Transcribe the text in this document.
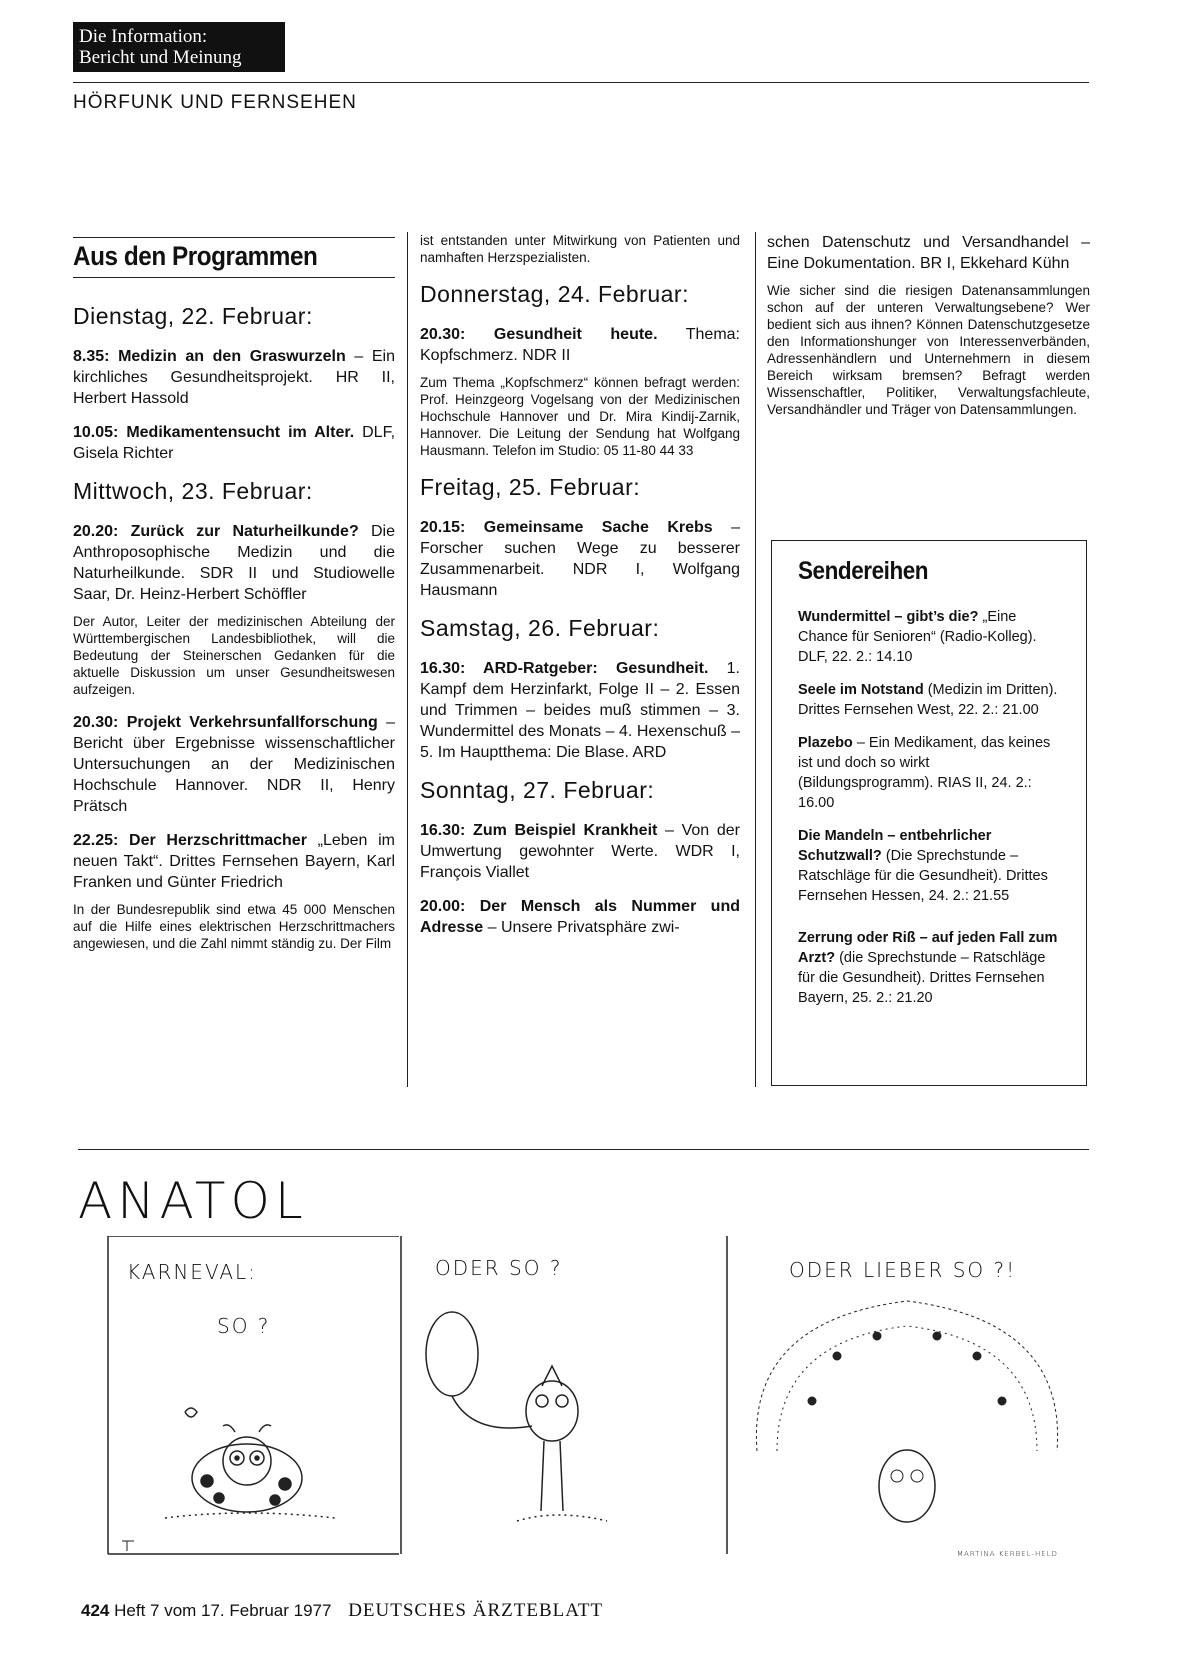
Die Information:
Bericht und Meinung
HÖRFUNK UND FERNSEHEN
Aus den Programmen
Dienstag, 22. Februar:
8.35: Medizin an den Graswurzeln – Ein kirchliches Gesundheitsprojekt. HR II, Herbert Hassold
10.05: Medikamentensucht im Alter. DLF, Gisela Richter
Mittwoch, 23. Februar:
20.20: Zurück zur Naturheilkunde? Die Anthroposophische Medizin und die Naturheilkunde. SDR II und Studiowelle Saar, Dr. Heinz-Herbert Schöffler
Der Autor, Leiter der medizinischen Abteilung der Württembergischen Landesbibliothek, will die Bedeutung der Steinerschen Gedanken für die aktuelle Diskussion um unser Gesundheitswesen aufzeigen.
20.30: Projekt Verkehrsunfallforschung – Bericht über Ergebnisse wissenschaftlicher Untersuchungen an der Medizinischen Hochschule Hannover. NDR II, Henry Prätsch
22.25: Der Herzschrittmacher „Leben im neuen Takt“. Drittes Fernsehen Bayern, Karl Franken und Günter Friedrich
In der Bundesrepublik sind etwa 45 000 Menschen auf die Hilfe eines elektrischen Herzschrittmachers angewiesen, und die Zahl nimmt ständig zu. Der Film
ist entstanden unter Mitwirkung von Patienten und namhaften Herzspezialisten.
Donnerstag, 24. Februar:
20.30: Gesundheit heute. Thema: Kopfschmerz. NDR II
Zum Thema „Kopfschmerz“ können befragt werden: Prof. Heinzgeorg Vogelsang von der Medizinischen Hochschule Hannover und Dr. Mira Kindij-Zarnik, Hannover. Die Leitung der Sendung hat Wolfgang Hausmann. Telefon im Studio: 05 11-80 44 33
Freitag, 25. Februar:
20.15: Gemeinsame Sache Krebs – Forscher suchen Wege zu besserer Zusammenarbeit. NDR I, Wolfgang Hausmann
Samstag, 26. Februar:
16.30: ARD-Ratgeber: Gesundheit. 1. Kampf dem Herzinfarkt, Folge II – 2. Essen und Trimmen – beides muß stimmen – 3. Wundermittel des Monats – 4. Hexenschuß – 5. Im Hauptthema: Die Blase. ARD
Sonntag, 27. Februar:
16.30: Zum Beispiel Krankheit – Von der Umwertung gewohnter Werte. WDR I, François Viallet
20.00: Der Mensch als Nummer und Adresse – Unsere Privatsphäre zwi-
schen Datenschutz und Versandhandel – Eine Dokumentation. BR I, Ekkehard Kühn
Wie sicher sind die riesigen Datenansammlungen schon auf der unteren Verwaltungsebene? Wer bedient sich aus ihnen? Können Datenschutzgesetze den Informationshunger von Interessenverbänden, Adressenhändlern und Unternehmern in diesem Bereich wirksam bremsen? Befragt werden Wissenschaftler, Politiker, Verwaltungsfachleute, Versandhändler und Träger von Datensammlungen.
Sendereihen
Wundermittel – gibt’s die? „Eine Chance für Senioren“ (Radio-Kolleg). DLF, 22. 2.: 14.10
Seele im Notstand (Medizin im Dritten). Drittes Fernsehen West, 22. 2.: 21.00
Plazebo – Ein Medikament, das keines ist und doch so wirkt (Bildungsprogramm). RIAS II, 24. 2.: 16.00
Die Mandeln – entbehrlicher Schutzwall? (Die Sprechstunde – Ratschläge für die Gesundheit). Drittes Fernsehen Hessen, 24. 2.: 21.55
Zerrung oder Riß – auf jeden Fall zum Arzt? (die Sprechstunde – Ratschläge für die Gesundheit). Drittes Fernsehen Bayern, 25. 2.: 21.20
ANATOL
KARNEVAL:
SO ?
ODER SO ?	ODER LIEBER SO ?!
MARTINA KERBEL-HELD
424 Heft 7 vom 17. Februar 1977 DEUTSCHES ÄRZTEBLATT
